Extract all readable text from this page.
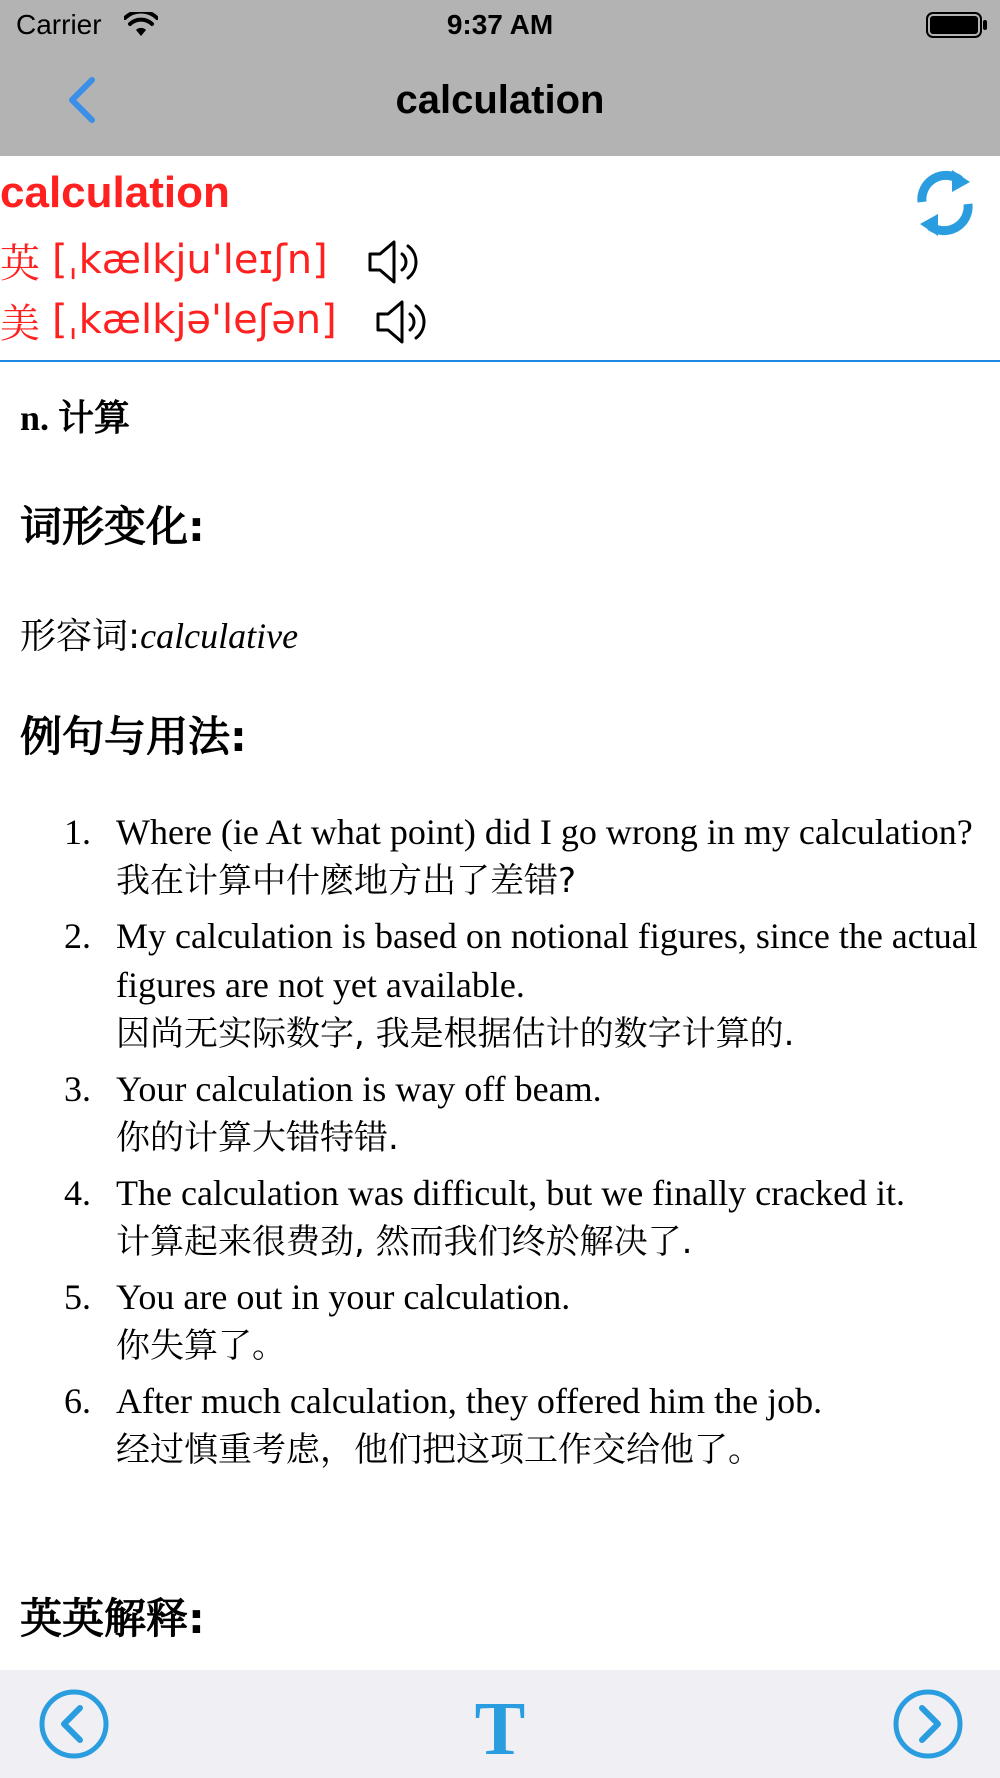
Carrier	9:37 AM
calculation
calculation
英 [ˌkælkju'leɪʃn]
美 [ˌkælkjə'leʃən]
n. 计算
词形变化:
形容词:calculative
例句与用法:
1. Where (ie At what point) did I go wrong in my calculation?
我在计算中什麽地方出了差错?
2. My calculation is based on notional figures, since the actual figures are not yet available.
因尚无实际数字, 我是根据估计的数字计算的.
3. Your calculation is way off beam.
你的计算大错特错.
4. The calculation was difficult, but we finally cracked it.
计算起来很费劲, 然而我们终於解决了.
5. You are out in your calculation.
你失算了。
6. After much calculation, they offered him the job.
经过慎重考虑，他们把这项工作交给他了。
英英解释:
T
